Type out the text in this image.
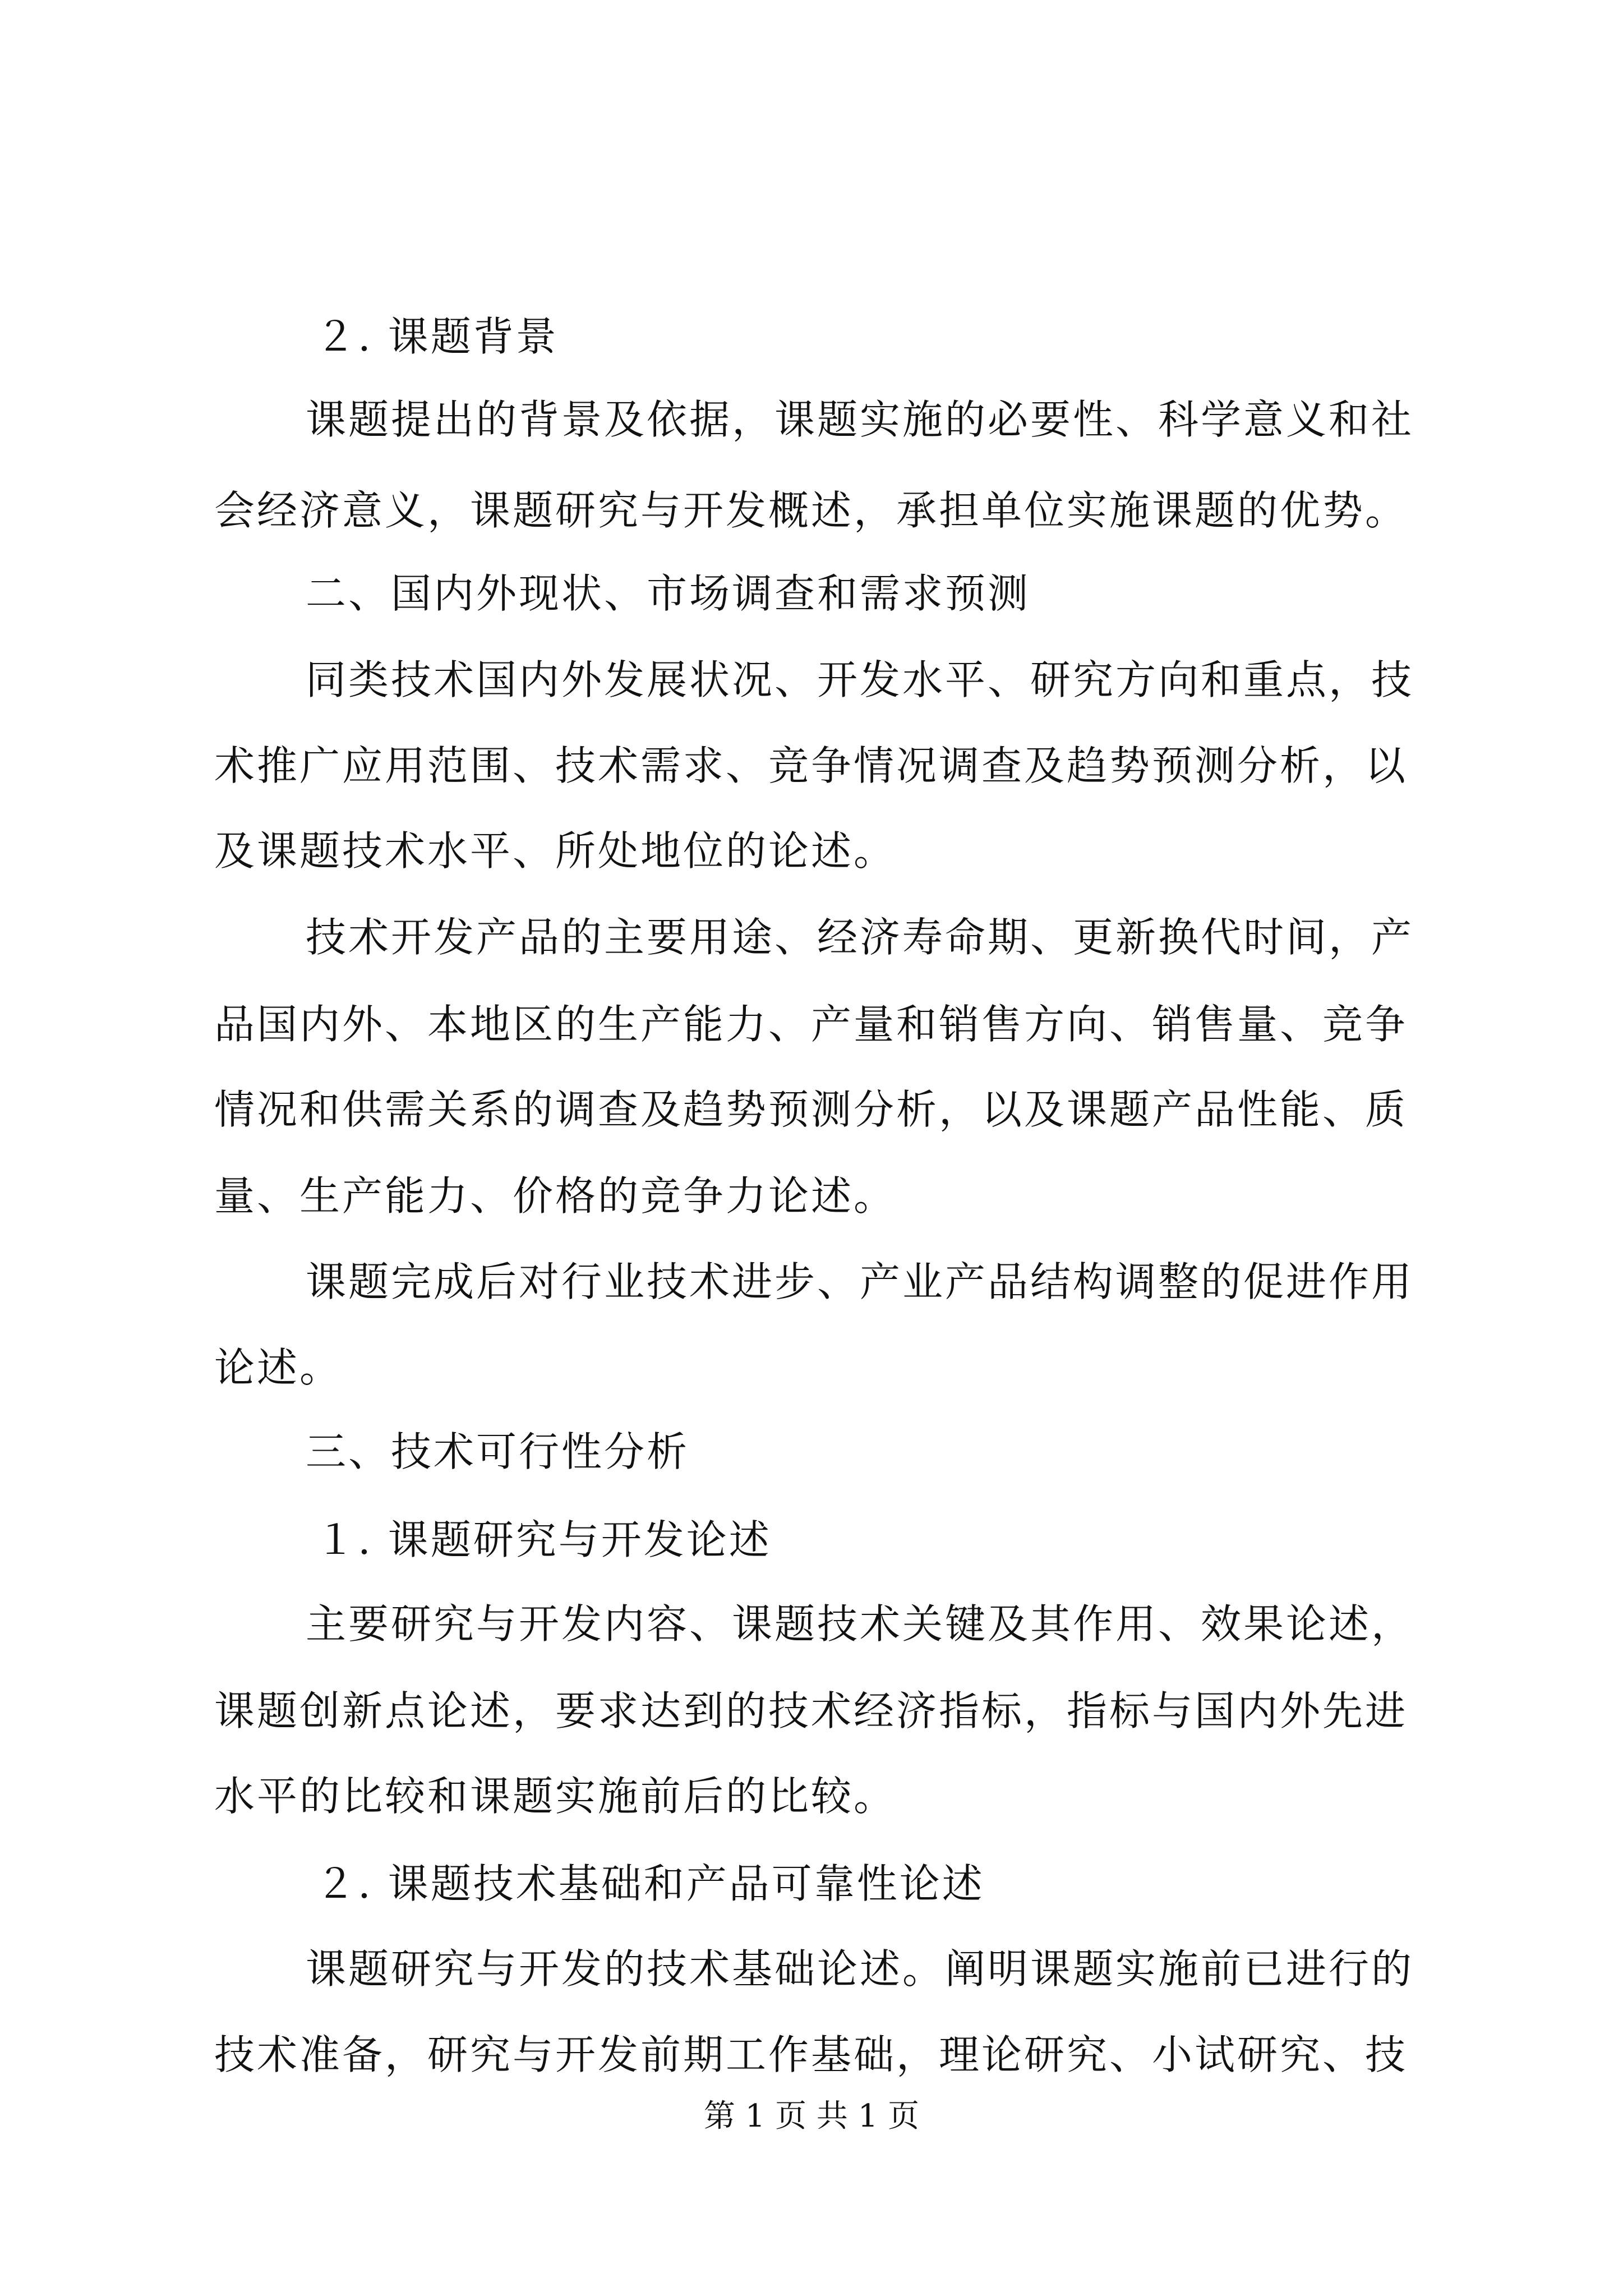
２. 课题背景
课题提出的背景及依据，课题实施的必要性、科学意义和社
会经济意义，课题研究与开发概述，承担单位实施课题的优势。
二、国内外现状、市场调查和需求预测
同类技术国内外发展状况、开发水平、研究方向和重点，技
术推广应用范围、技术需求、竞争情况调查及趋势预测分析，以
及课题技术水平、所处地位的论述。
技术开发产品的主要用途、经济寿命期、更新换代时间，产
品国内外、本地区的生产能力、产量和销售方向、销售量、竞争
情况和供需关系的调查及趋势预测分析，以及课题产品性能、质
量、生产能力、价格的竞争力论述。
课题完成后对行业技术进步、产业产品结构调整的促进作用
论述。
三、技术可行性分析
１. 课题研究与开发论述
主要研究与开发内容、课题技术关键及其作用、效果论述，
课题创新点论述，要求达到的技术经济指标，指标与国内外先进
水平的比较和课题实施前后的比较。
２. 课题技术基础和产品可靠性论述
课题研究与开发的技术基础论述。阐明课题实施前已进行的
技术准备，研究与开发前期工作基础，理论研究、小试研究、技
第 1 页 共 1 页
